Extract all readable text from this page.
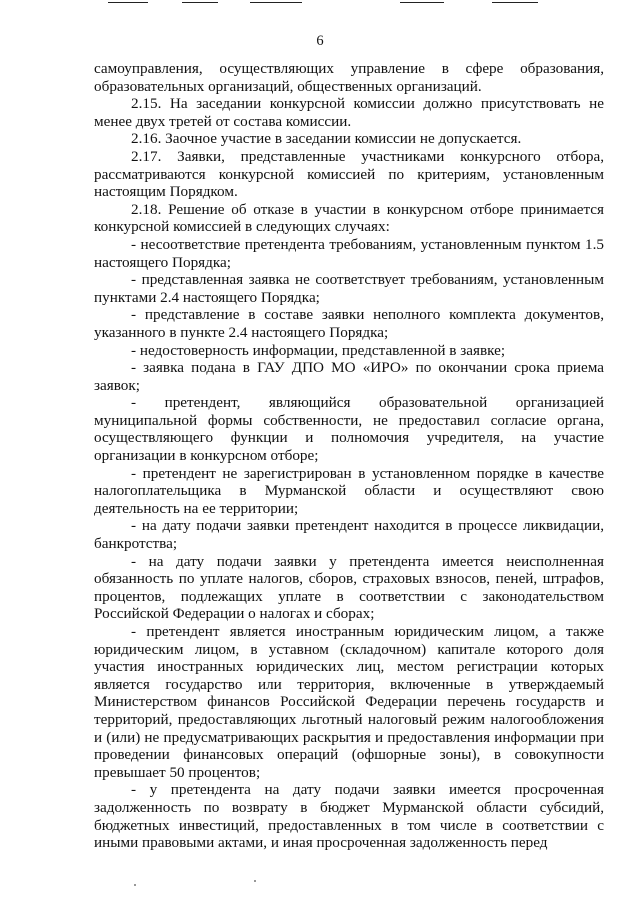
6

самоуправления, осуществляющих управление в сфере образования, образовательных организаций, общественных организаций.

2.15. На заседании конкурсной комиссии должно присутствовать не менее двух третей от состава комиссии.

2.16. Заочное участие в заседании комиссии не допускается.

2.17. Заявки, представленные участниками конкурсного отбора, рассматриваются конкурсной комиссией по критериям, установленным настоящим Порядком.

2.18. Решение об отказе в участии в конкурсном отборе принимается конкурсной комиссией в следующих случаях:

- несоответствие претендента требованиям, установленным пунктом 1.5 настоящего Порядка;

- представленная заявка не соответствует требованиям, установленным пунктами 2.4 настоящего Порядка;

- представление в составе заявки неполного комплекта документов, указанного в пункте 2.4 настоящего Порядка;

- недостоверность информации, представленной в заявке;

- заявка подана в ГАУ ДПО МО «ИРО» по окончании срока приема заявок;

- претендент, являющийся образовательной организацией муниципальной формы собственности, не предоставил согласие органа, осуществляющего функции и полномочия учредителя, на участие организации в конкурсном отборе;

- претендент не зарегистрирован в установленном порядке в качестве налогоплательщика в Мурманской области и осуществляют свою деятельность на ее территории;

- на дату подачи заявки претендент находится в процессе ликвидации, банкротства;

- на дату подачи заявки у претендента имеется неисполненная обязанность по уплате налогов, сборов, страховых взносов, пеней, штрафов, процентов, подлежащих уплате в соответствии с законодательством Российской Федерации о налогах и сборах;

- претендент является иностранным юридическим лицом, а также юридическим лицом, в уставном (складочном) капитале которого доля участия иностранных юридических лиц, местом регистрации которых является государство или территория, включенные в утверждаемый Министерством финансов Российской Федерации перечень государств и территорий, предоставляющих льготный налоговый режим налогообложения и (или) не предусматривающих раскрытия и предоставления информации при проведении финансовых операций (офшорные зоны), в совокупности превышает 50 процентов;

- у претендента на дату подачи заявки имеется просроченная задолженность по возврату в бюджет Мурманской области субсидий, бюджетных инвестиций, предоставленных в том числе в соответствии с иными правовыми актами, и иная просроченная задолженность перед
